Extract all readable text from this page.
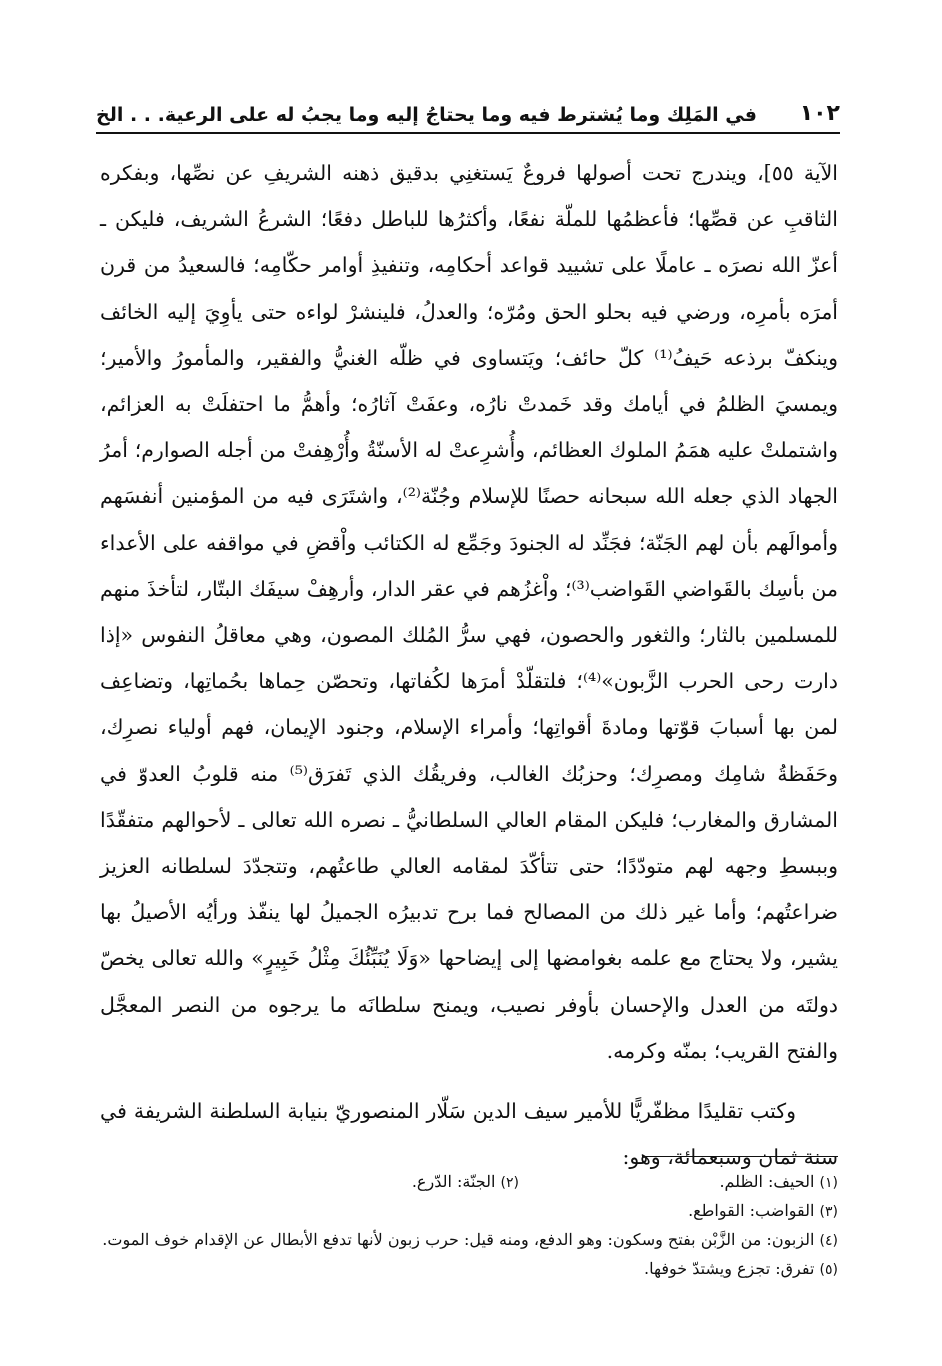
١٠٢
في المَلِك وما يُشترط فيه وما يحتاجُ إليه وما يجبُ له على الرعية. . . الخ

الآية ٥٥]، ويندرج تحت أصولها فروعٌ يَستغنِي بدقيق ذهنه الشريفِ عن نصِّها، وبفكره الثاقبِ عن قصِّها؛ فأعظمُها للملّة نفعًا، وأكثرُها للباطل دفعًا؛ الشرعُ الشريف، فليكن ـ أعزّ الله نصرَه ـ عاملًا على تشييد قواعد أحكامِه، وتنفيذِ أوامر حكّامِه؛ فالسعيدُ من قرن أمرَه بأمرِه، ورضي فيه بحلو الحق ومُرّه؛ والعدلُ، فلينشرْ لواءه حتى يأوِيَ إليه الخائف وينكفّ برذعه حَيفُ⁽¹⁾ كلّ حائف؛ ويَتساوى في ظلّه الغنيُّ والفقير، والمأمورُ والأمير؛ ويمسيَ الظلمُ في أيامك وقد خَمدتْ نارُه، وعفَتْ آثارُه؛ وأهمُّ ما احتفلَتْ به العزائم، واشتملتْ عليه همَمُ الملوك العظائم، وأُشرِعتْ له الأسنّةُ وأُرْهِفتْ من أجله الصوارم؛ أمرُ الجهاد الذي جعله الله سبحانه حصنًا للإسلام وجُنّة⁽²⁾، واشتَرَى فيه من المؤمنين أنفسَهم وأموالَهم بأن لهم الجَنّة؛ فجَنِّد له الجنودَ وجَمِّع له الكتائب واْقضِ في مواقفه على الأعداء من بأسِك بالقَواضي القَواضب⁽³⁾؛ واْغزُهم في عقر الدار، وأرهِفْ سيفَك البتّار، لتأخذَ منهم للمسلمين بالثار؛ والثغور والحصون، فهي سرُّ المُلك المصون، وهي معاقلُ النفوس «إذا دارت رحى الحرب الزَّبون»⁽⁴⁾؛ فلتقلّدْ أمرَها لكُفاتها، وتحصّن حِماها بحُماتِها، وتضاعِف لمن بها أسبابَ قوّتها ومادةَ أقواتِها؛ وأمراء الإسلام، وجنود الإيمان، فهم أولياء نصرِك، وحَفَظةُ شامِك ومصرِك؛ وحزبُك الغالب، وفريقُك الذي تَفرَق⁽⁵⁾ منه قلوبُ العدوّ في المشارق والمغارب؛ فليكن المقام العالي السلطانيُّ ـ نصره الله تعالى ـ لأحوالهم متفقّدًا وببسطِ وجهه لهم متودّدًا؛ حتى تتأكّدَ لمقامه العالي طاعتُهم، وتتجدّدَ لسلطانه العزيز ضراعتُهم؛ وأما غير ذلك من المصالح فما برح تدبيرُه الجميلُ لها ينفّذ ورأيُه الأصيلُ بها يشير، ولا يحتاج مع علمه بغوامضها إلى إيضاحها «وَلَا يُنَبِّئُكَ مِثْلُ خَبِيرٍ» والله تعالى يخصّ دولتَه من العدل والإحسان بأوفر نصيب، ويمنح سلطانَه ما يرجوه من النصر المعجَّل والفتح القريب؛ بمنّه وكرمه.

وكتب تقليدًا مظفّريًّا للأمير سيف الدين سَلّار المنصوريّ بنيابة السلطنة الشريفة في سنة ثمان وسبعمائة، وهو:

(١) الحيف: الظلم.

(٢) الجنّة: الدّرع.

(٣) القواضب: القواطع.

(٤) الزبون: من الزَّبْن بفتح وسكون: وهو الدفع، ومنه قيل: حرب زبون لأنها تدفع الأبطال عن الإقدام خوف الموت.

(٥) تفرق: تجزع ويشتدّ خوفها.
